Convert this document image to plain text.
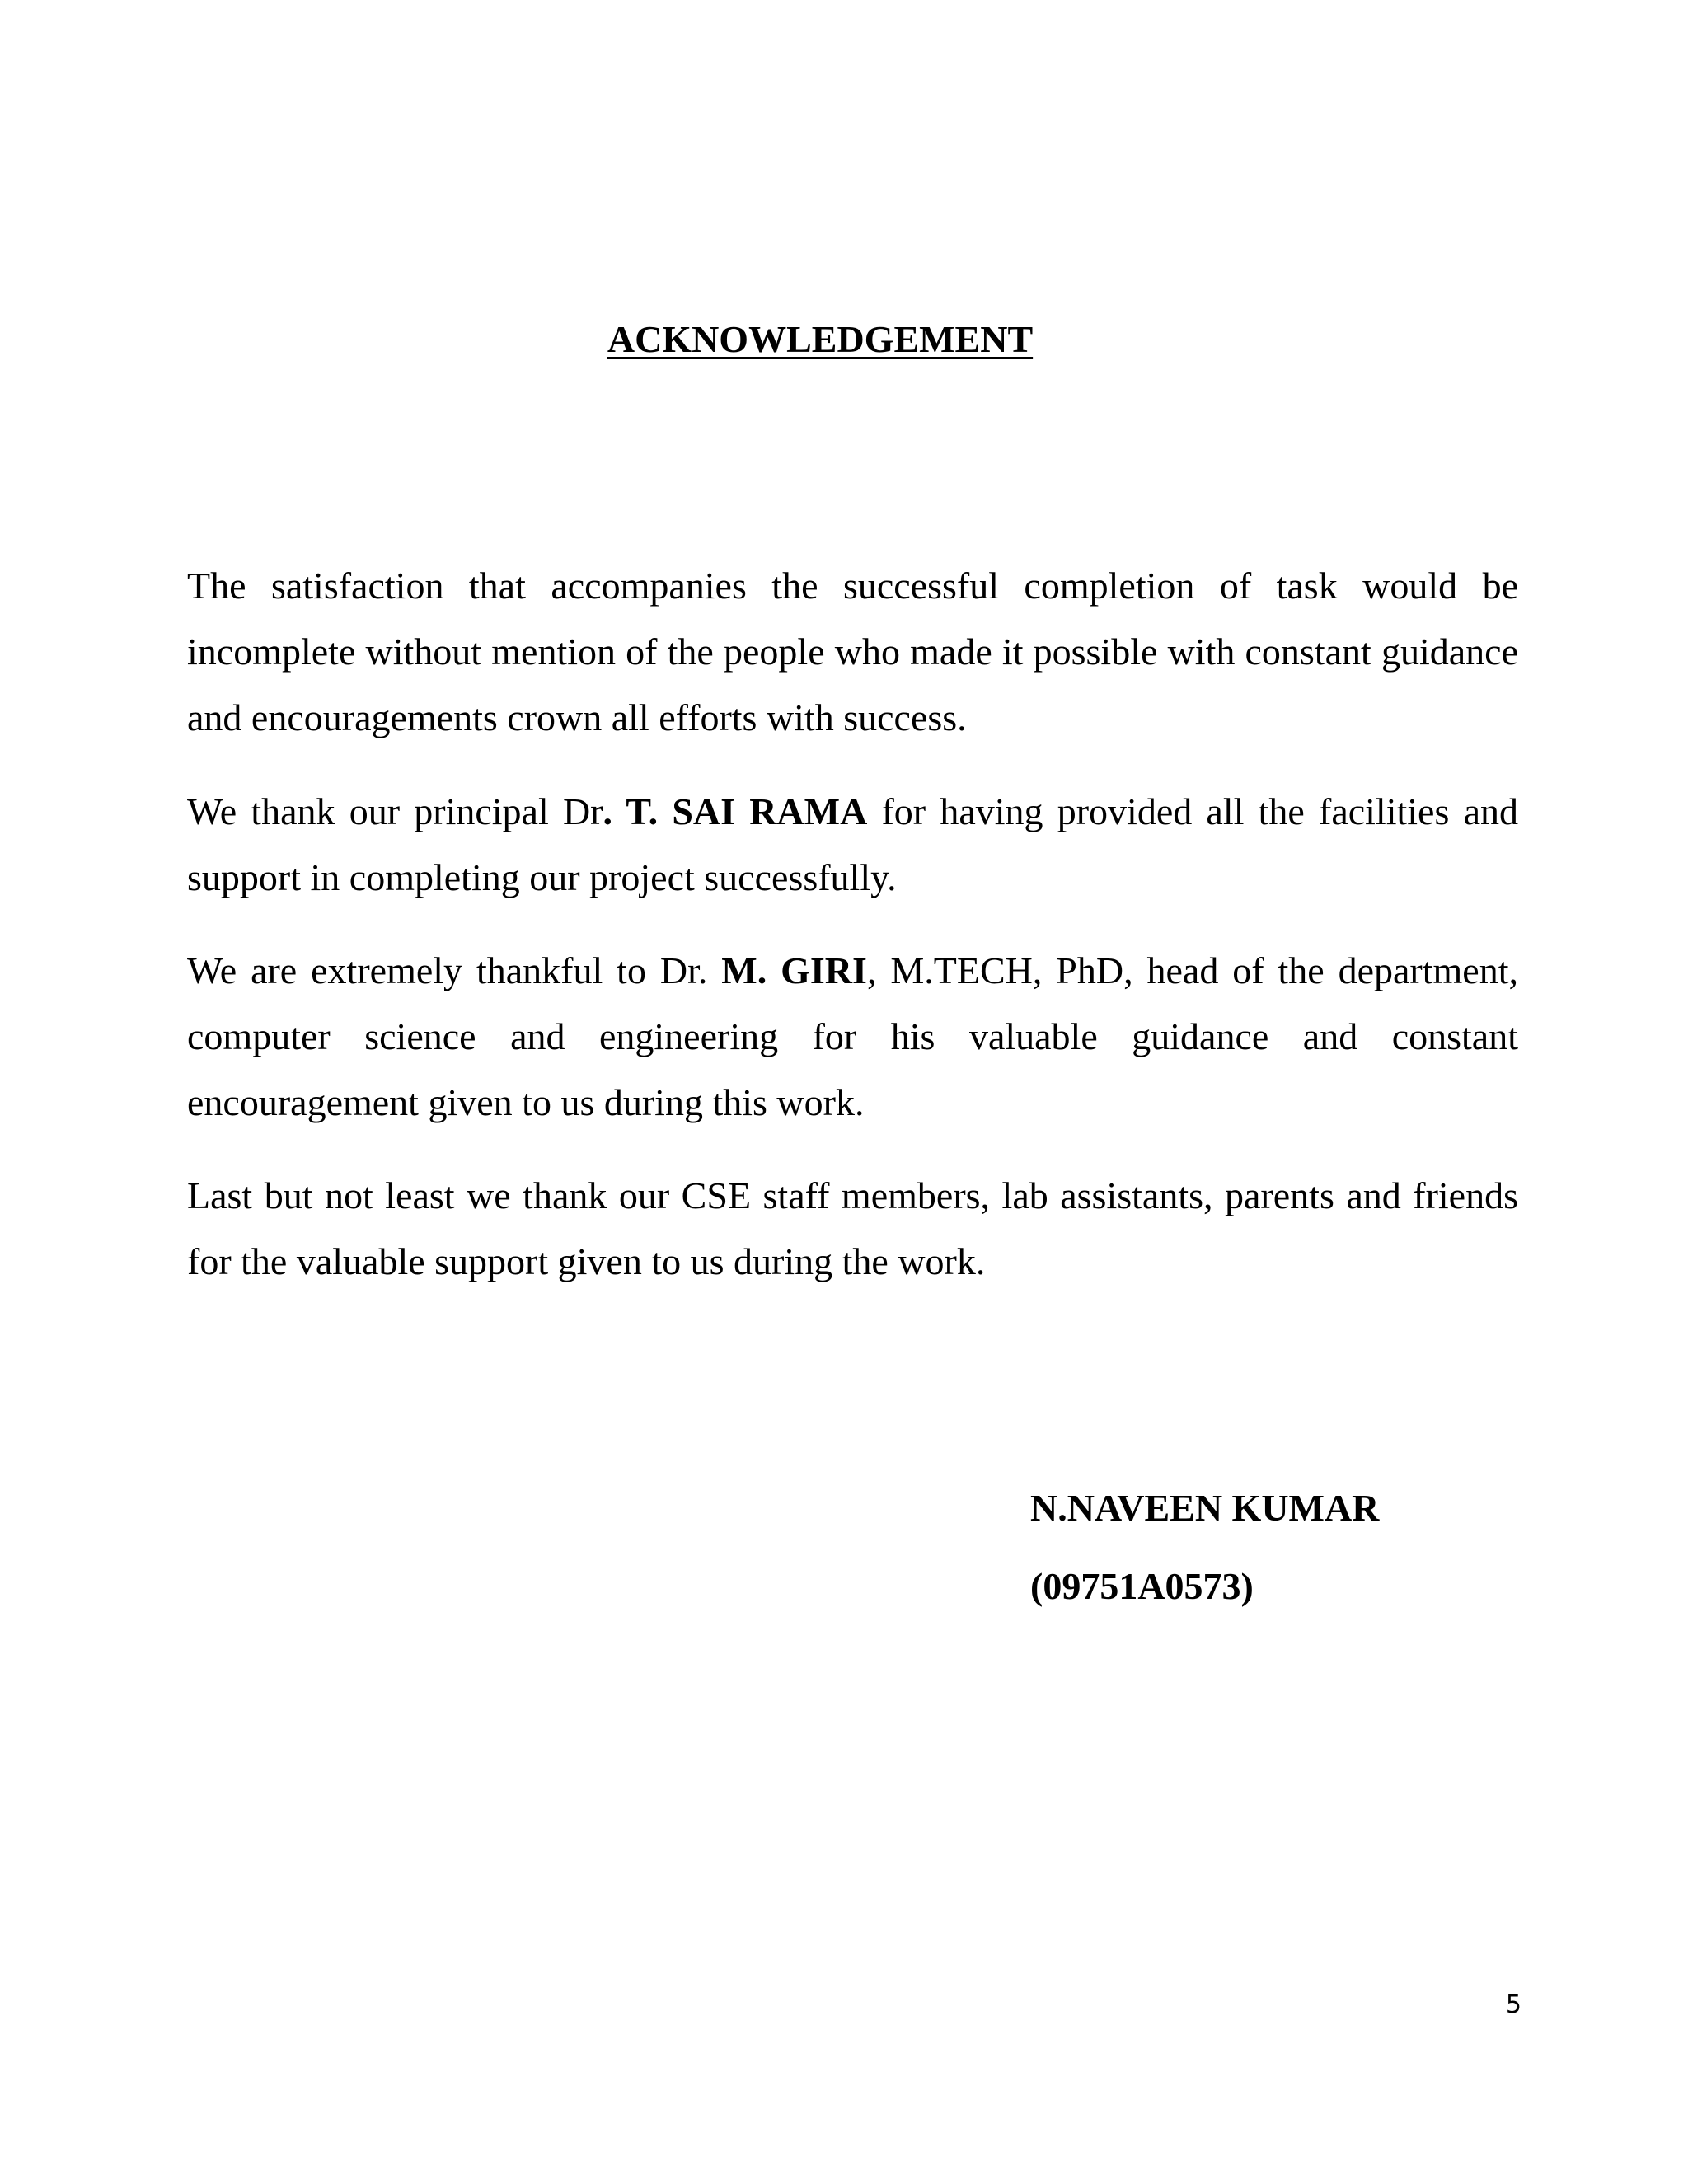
ACKNOWLEDGEMENT

The satisfaction that accompanies the successful completion of task would be incomplete without mention of the people who made it possible with constant guidance and encouragements crown all efforts with success.

We thank our principal Dr. T. SAI RAMA for having provided all the facilities and support in completing our project successfully.

We are extremely thankful to Dr. M. GIRI, M.TECH, PhD, head of the department, computer science and engineering for his valuable guidance and constant encouragement given to us during this work.

Last but not least we thank our CSE staff members, lab assistants, parents and friends for the valuable support given to us during the work.

N.NAVEEN KUMAR

(09751A0573)

5
